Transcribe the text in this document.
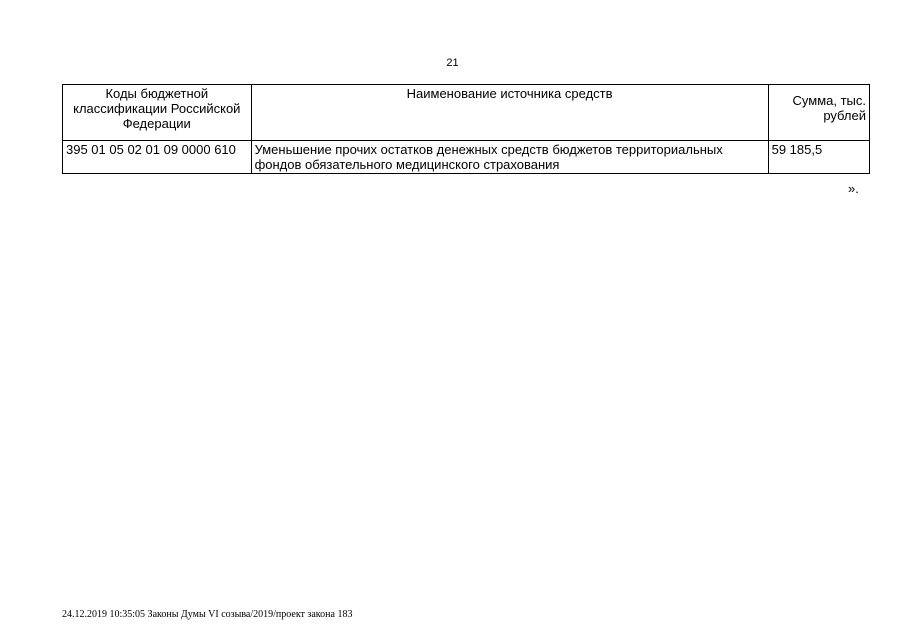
21
Коды бюджетной классификации Российской Федерации	Наименование источника средств	Сумма, тыс. рублей
395 01 05 02 01 09 0000 610	Уменьшение прочих остатков денежных средств бюджетов территориальных фондов обязательного медицинского страхования	59 185,5
».
24.12.2019 10:35:05 Законы Думы VI созыва/2019/проект закона 183
